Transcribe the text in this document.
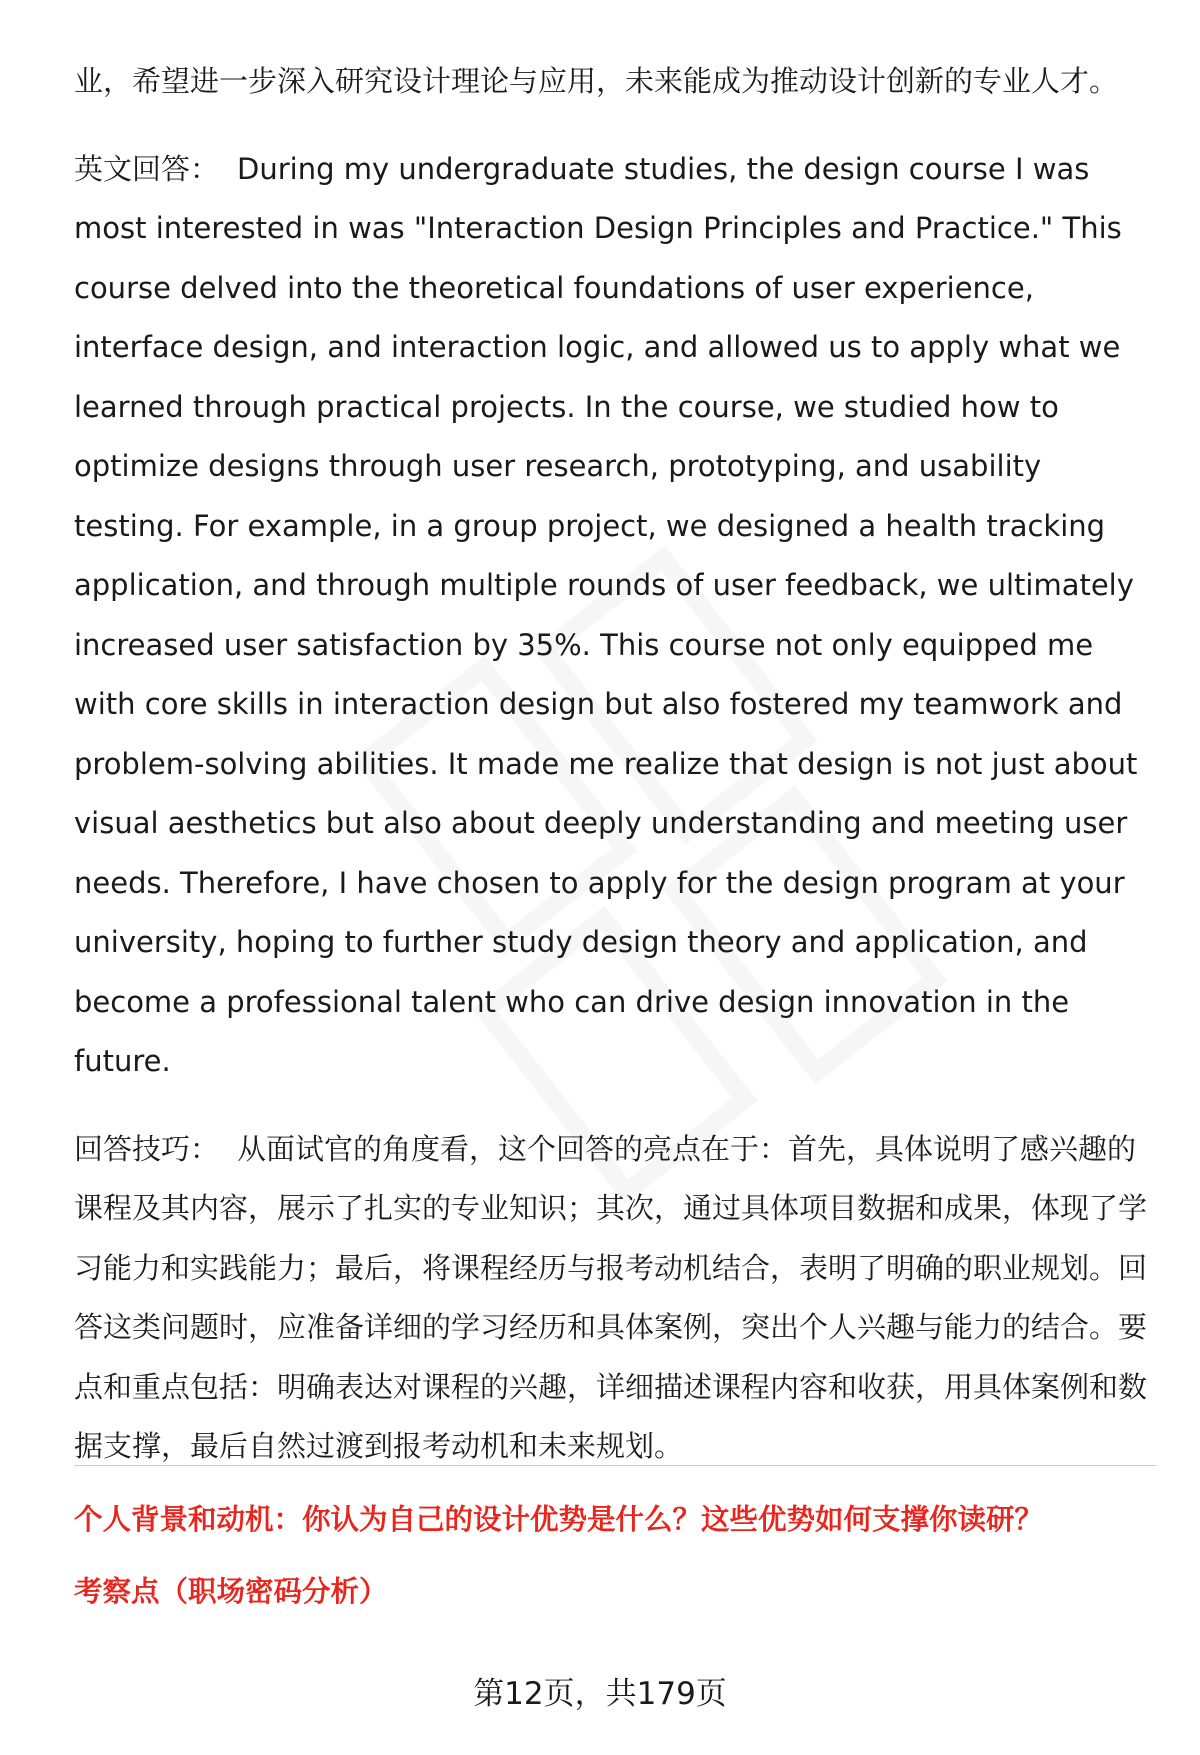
业，希望进一步深入研究设计理论与应用，未来能成为推动设计创新的专业人才。

英文回答： During my undergraduate studies, the design course I was most interested in was "Interaction Design Principles and Practice." This course delved into the theoretical foundations of user experience, interface design, and interaction logic, and allowed us to apply what we learned through practical projects. In the course, we studied how to optimize designs through user research, prototyping, and usability testing. For example, in a group project, we designed a health tracking application, and through multiple rounds of user feedback, we ultimately increased user satisfaction by 35%. This course not only equipped me with core skills in interaction design but also fostered my teamwork and problem-solving abilities. It made me realize that design is not just about visual aesthetics but also about deeply understanding and meeting user needs. Therefore, I have chosen to apply for the design program at your university, hoping to further study design theory and application, and become a professional talent who can drive design innovation in the future.

回答技巧： 从面试官的角度看，这个回答的亮点在于：首先，具体说明了感兴趣的课程及其内容，展示了扎实的专业知识；其次，通过具体项目数据和成果，体现了学习能力和实践能力；最后，将课程经历与报考动机结合，表明了明确的职业规划。回答这类问题时，应准备详细的学习经历和具体案例，突出个人兴趣与能力的结合。要点和重点包括：明确表达对课程的兴趣，详细描述课程内容和收获，用具体案例和数据支撑，最后自然过渡到报考动机和未来规划。

个人背景和动机：你认为自己的设计优势是什么？这些优势如何支撑你读研？
考察点（职场密码分析）
第12页，共179页
